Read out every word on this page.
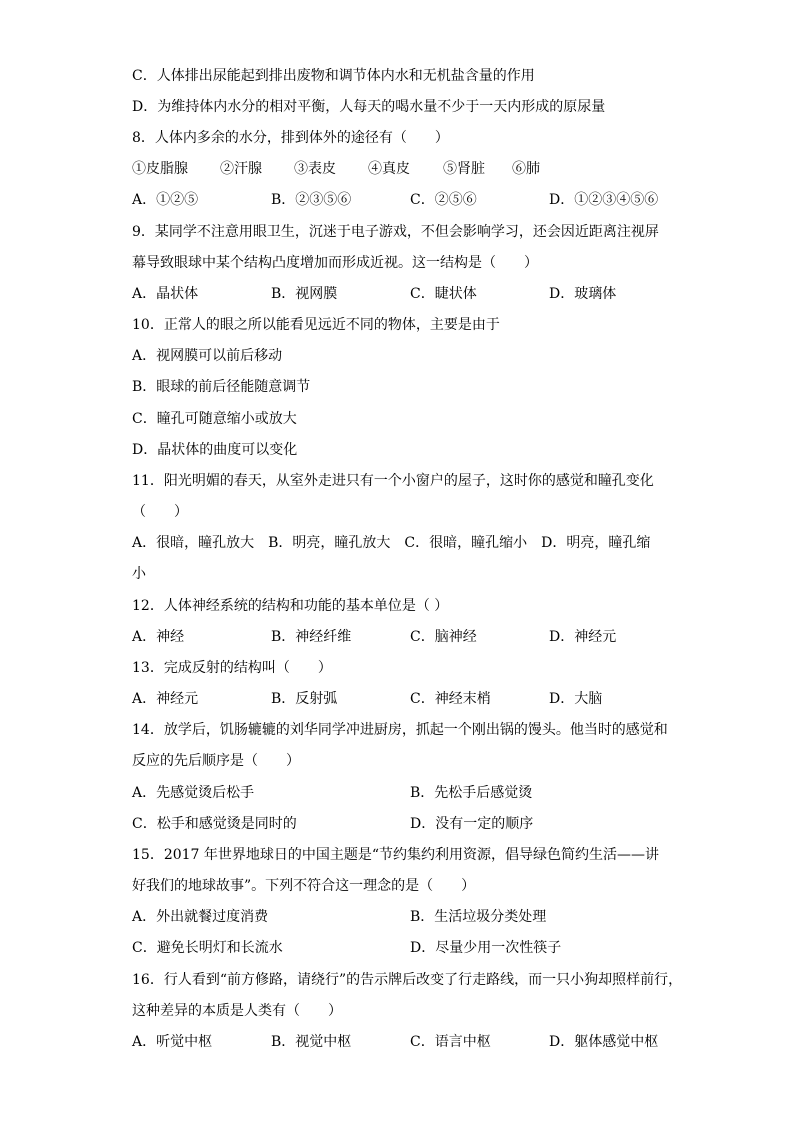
C．人体排出尿能起到排出废物和调节体内水和无机盐含量的作用
D．为维持体内水分的相对平衡，人每天的喝水量不少于一天内形成的原尿量
8．人体内多余的水分，排到体外的途径有（　　）
①皮脂腺 ②汗腺 ③表皮 ④真皮 ⑤肾脏 ⑥肺
A．①②⑤	B．②③⑤⑥	C．②⑤⑥	D．①②③④⑤⑥
9．某同学不注意用眼卫生，沉迷于电子游戏，不但会影响学习，还会因近距离注视屏
幕导致眼球中某个结构凸度增加而形成近视。这一结构是（　　）
A．晶状体	B．视网膜	C．睫状体	D．玻璃体
10．正常人的眼之所以能看见远近不同的物体，主要是由于
A．视网膜可以前后移动
B．眼球的前后径能随意调节
C．瞳孔可随意缩小或放大
D．晶状体的曲度可以变化
11．阳光明媚的春天，从室外走进只有一个小窗户的屋子，这时你的感觉和瞳孔变化
（　　）
A．很暗，瞳孔放大　B．明亮，瞳孔放大　C．很暗，瞳孔缩小　D．明亮，瞳孔缩
小
12．人体神经系统的结构和功能的基本单位是（ ）
A．神经	B．神经纤维	C．脑神经	D．神经元
13．完成反射的结构叫（　　）
A．神经元	B．反射弧	C．神经末梢	D．大脑
14．放学后，饥肠辘辘的刘华同学冲进厨房，抓起一个刚出锅的馒头。他当时的感觉和
反应的先后顺序是（　　）
A．先感觉烫后松手	B．先松手后感觉烫
C．松手和感觉烫是同时的	D．没有一定的顺序
15．2017 年世界地球日的中国主题是“节约集约利用资源，倡导绿色简约生活——讲
好我们的地球故事”。下列不符合这一理念的是（　　）
A．外出就餐过度消费	B．生活垃圾分类处理
C．避免长明灯和长流水	D．尽量少用一次性筷子
16．行人看到“前方修路，请绕行”的告示牌后改变了行走路线，而一只小狗却照样前行，
这种差异的本质是人类有（　　）
A．听觉中枢	B．视觉中枢	C．语言中枢	D．躯体感觉中枢
